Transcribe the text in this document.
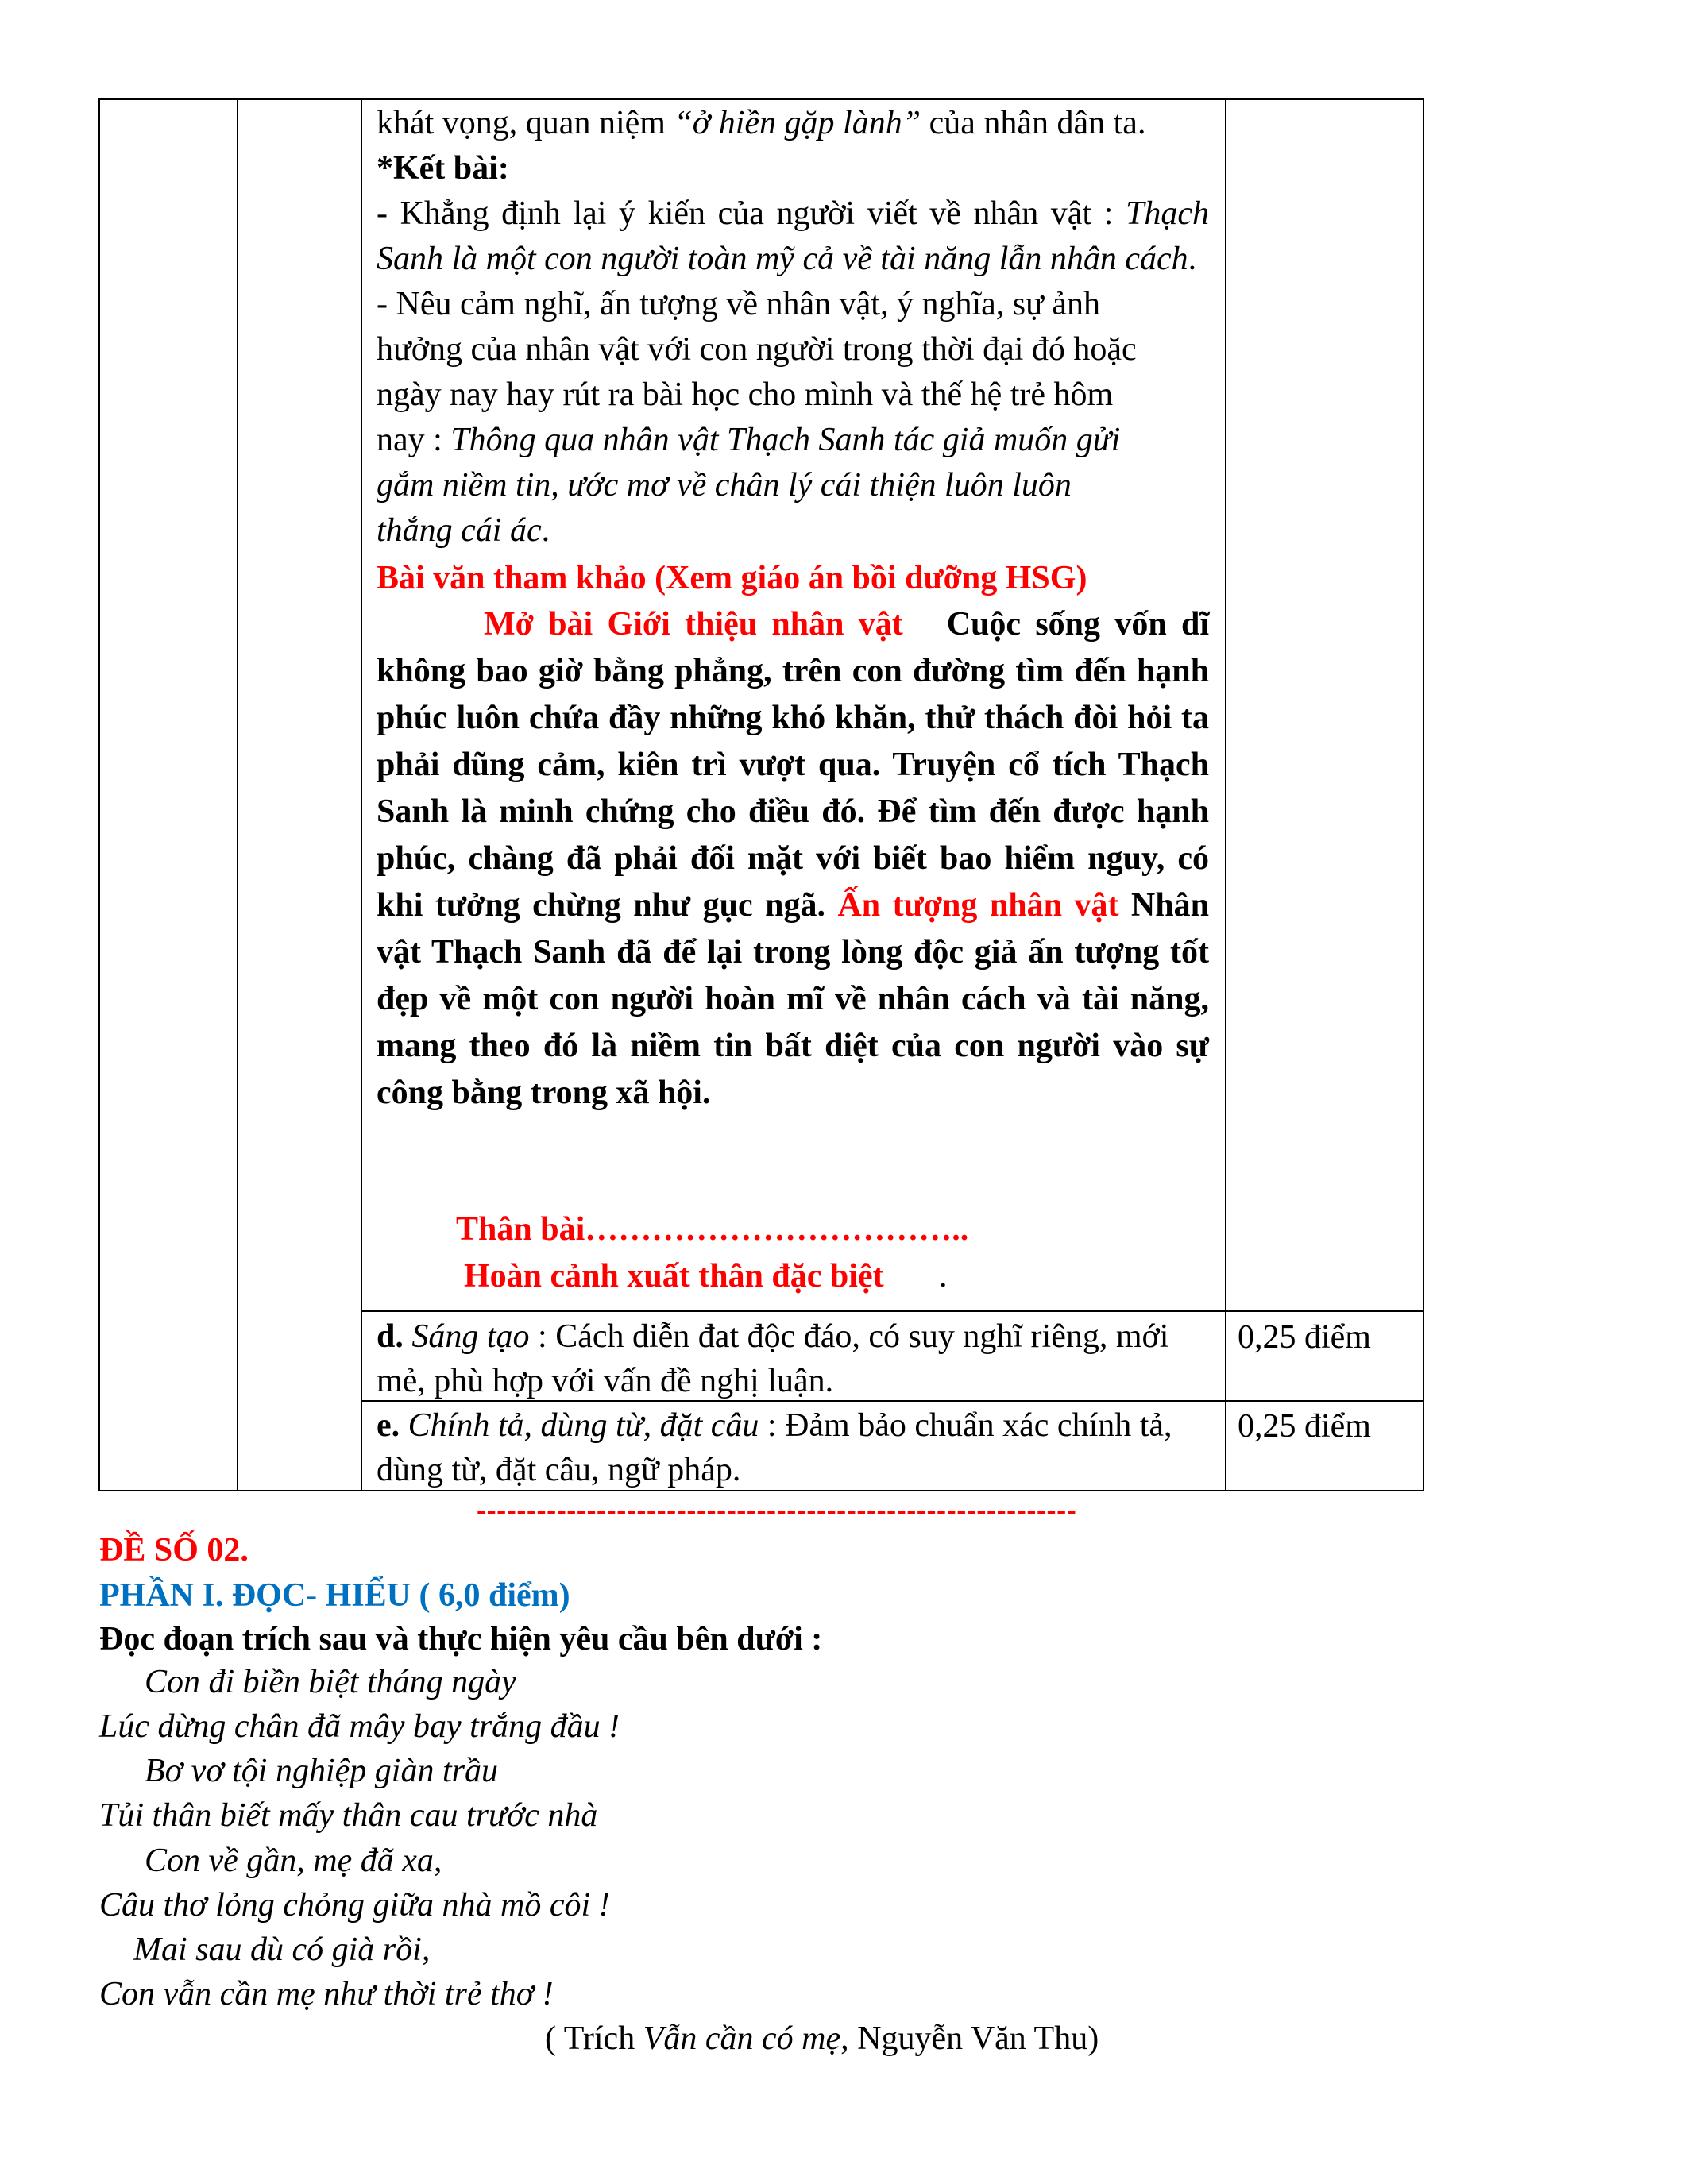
khát vọng, quan niệm “ở hiền gặp lành” của nhân dân ta.
*Kết bài:
- Khẳng định lại ý kiến của người viết về nhân vật : Thạch Sanh là một con người toàn mỹ cả về tài năng lẫn nhân cách.
- Nêu cảm nghĩ, ấn tượng về nhân vật, ý nghĩa, sự ảnh
hưởng của nhân vật với con người trong thời đại đó hoặc
ngày nay hay rút ra bài học cho mình và thế hệ trẻ hôm
nay : Thông qua nhân vật Thạch Sanh tác giả muốn gửi
gắm niềm tin, ước mơ về chân lý cái thiện luôn luôn
thắng cái ác.
Bài văn tham khảo (Xem giáo án bồi dưỡng HSG)
Mở bài Giới thiệu nhân vật Cuộc sống vốn dĩ không bao giờ bằng phẳng, trên con đường tìm đến hạnh phúc luôn chứa đầy những khó khăn, thử thách đòi hỏi ta phải dũng cảm, kiên trì vượt qua. Truyện cổ tích Thạch Sanh là minh chứng cho điều đó. Để tìm đến được hạnh phúc, chàng đã phải đối mặt với biết bao hiểm nguy, có khi tưởng chừng như gục ngã. Ấn tượng nhân vật Nhân vật Thạch Sanh đã để lại trong lòng độc giả ấn tượng tốt đẹp về một con người hoàn mĩ về nhân cách và tài năng, mang theo đó là niềm tin bất diệt của con người vào sự công bằng trong xã hội.
Thân bài……………………………..
Hoàn cảnh xuất thân đặc biệt .
d. Sáng tạo : Cách diễn đat độc đáo, có suy nghĩ riêng, mới mẻ, phù hợp với vấn đề nghị luận.
0,25 điểm
e. Chính tả, dùng từ, đặt câu : Đảm bảo chuẩn xác chính tả, dùng từ, đặt câu, ngữ pháp.
0,25 điểm
------------------------------------------------------------
ĐỀ SỐ 02.
PHẦN I. ĐỌC- HIỂU ( 6,0 điểm)
Đọc đoạn trích sau và thực hiện yêu cầu bên dưới :
Con đi biền biệt tháng ngày
Lúc dừng chân đã mây bay trắng đầu !
Bơ vơ tội nghiệp giàn trầu
Tủi thân biết mấy thân cau trước nhà
Con về gần, mẹ đã xa,
Câu thơ lỏng chỏng giữa nhà mồ côi !
Mai sau dù có già rồi,
Con vẫn cần mẹ như thời trẻ thơ !
( Trích Vẫn cần có mẹ, Nguyễn Văn Thu)
